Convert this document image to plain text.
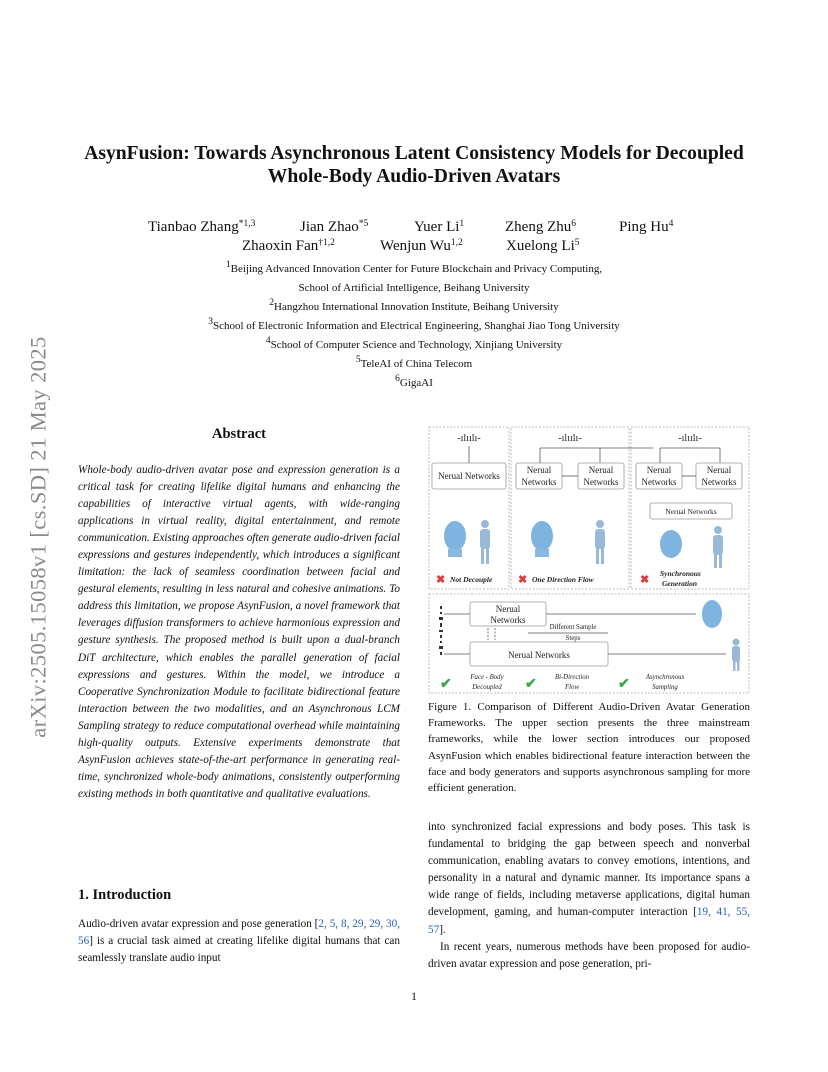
arXiv:2505.15058v1 [cs.SD] 21 May 2025
AsynFusion: Towards Asynchronous Latent Consistency Models for Decoupled
Whole-Body Audio-Driven Avatars
Tianbao Zhang$^{*1,3}$	Jian Zhao$^{*5}$	Yuer Li$^1$	Zheng Zhu$^6$	Ping Hu$^4$
Zhaoxin Fan$^{\dagger 1,2}$	Wenjun Wu$^{1,2}$	Xuelong Li$^5$
$^1$Beijing Advanced Innovation Center for Future Blockchain and Privacy Computing,
School of Artificial Intelligence, Beihang University
$^2$Hangzhou International Innovation Institute, Beihang University
$^3$School of Electronic Information and Electrical Engineering, Shanghai Jiao Tong University
$^4$School of Computer Science and Technology, Xinjiang University
$^5$TeleAI of China Telecom
$^6$GigaAI
Abstract
Whole-body audio-driven avatar pose and expression generation is a critical task for creating lifelike digital humans and enhancing the capabilities of interactive virtual agents, with wide-ranging applications in virtual reality, digital entertainment, and remote communication. Existing approaches often generate audio-driven facial expressions and gestures independently, which introduces a significant limitation: the lack of seamless coordination between facial and gestural elements, resulting in less natural and cohesive animations. To address this limitation, we propose AsynFusion, a novel framework that leverages diffusion transformers to achieve harmonious expression and gesture synthesis. The proposed method is built upon a dual-branch DiT architecture, which enables the parallel generation of facial expressions and gestures. Within the model, we introduce a Cooperative Synchronization Module to facilitate bidirectional feature interaction between the two modalities, and an Asynchronous LCM Sampling strategy to reduce computational overhead while maintaining high-quality outputs. Extensive experiments demonstrate that AsynFusion achieves state-of-the-art performance in generating real-time, synchronized whole-body animations, consistently outperforming existing methods in both quantitative and qualitative evaluations.
1. Introduction
Audio-driven avatar expression and pose generation [2, 5, 8, 29, 29, 30, 56] is a crucial task aimed at creating lifelike digital humans that can seamlessly translate audio input
-ılıılı-	-ılıılı-	-ılıılı-
Nerual Networks
Nerual
Networks
Nerual
Networks
Nerual
Networks
Nerual
Networks
Nerual Networks
✖	✖	✖
Not Decouple	One Direction Flow
Synchronous
Generation
Nerual
Networks
Nerual Networks
Different Sample
Steps
✔	✔	✔
Face - Body
Decoupled
Bi-Direction
Flow
Asynchronous
Sampling
Figure 1. Comparison of Different Audio-Driven Avatar Generation Frameworks. The upper section presents the three mainstream frameworks, while the lower section introduces our proposed AsynFusion which enables bidirectional feature interaction between the face and body generators and supports asynchronous sampling for more efficient generation.

into synchronized facial expressions and body poses. This task is fundamental to bridging the gap between speech and nonverbal communication, enabling avatars to convey emotions, intentions, and personality in a natural and dynamic manner. Its importance spans a wide range of fields, including metaverse applications, digital human development, gaming, and human-computer interaction [19, 41, 55, 57].

In recent years, numerous methods have been proposed for audio-driven avatar expression and pose generation, pri-

1
